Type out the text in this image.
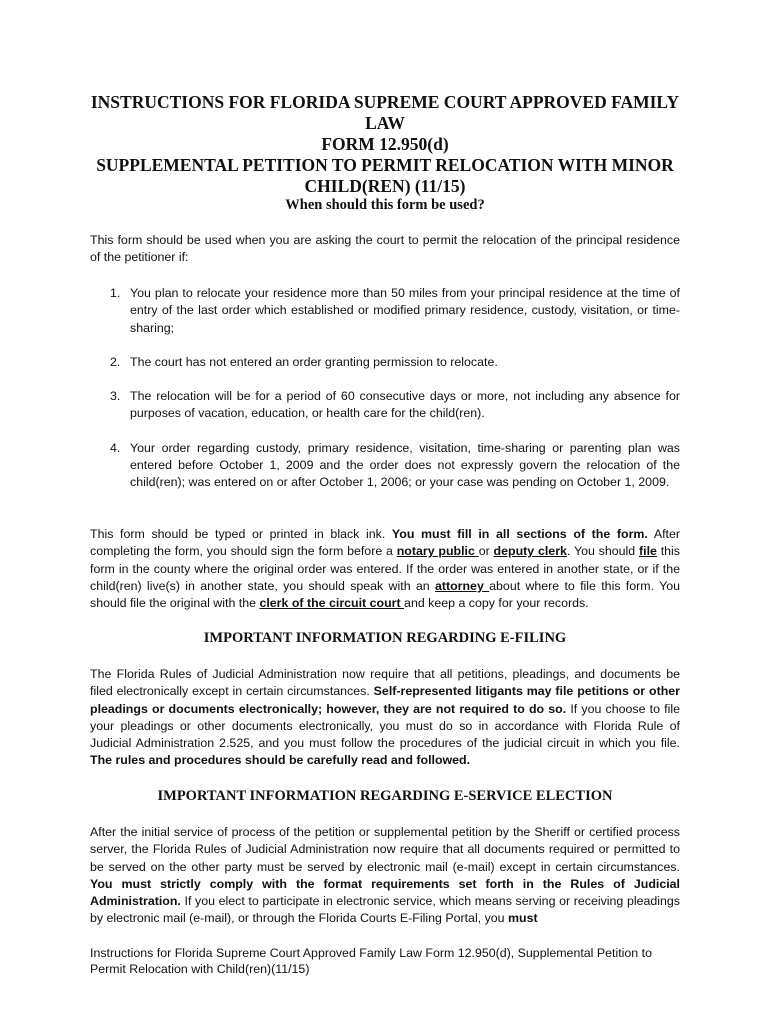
INSTRUCTIONS FOR FLORIDA SUPREME COURT APPROVED FAMILY LAW
FORM 12.950(d)
SUPPLEMENTAL PETITION TO PERMIT RELOCATION WITH MINOR
CHILD(REN) (11/15)
When should this form be used?
This form should be used when you are asking the court to permit the relocation of the principal residence of the petitioner if:
1. You plan to relocate your residence more than 50 miles from your principal residence at the time of entry of the last order which established or modified primary residence, custody, visitation, or time-sharing;
2. The court has not entered an order granting permission to relocate.
3. The relocation will be for a period of 60 consecutive days or more, not including any absence for purposes of vacation, education, or health care for the child(ren).
4. Your order regarding custody, primary residence, visitation, time-sharing or parenting plan was entered before October 1, 2009 and the order does not expressly govern the relocation of the child(ren); was entered on or after October 1, 2006; or your case was pending on October 1, 2009.
This form should be typed or printed in black ink. You must fill in all sections of the form. After completing the form, you should sign the form before a notary public or deputy clerk. You should file this form in the county where the original order was entered. If the order was entered in another state, or if the child(ren) live(s) in another state, you should speak with an attorney about where to file this form. You should file the original with the clerk of the circuit court and keep a copy for your records.
IMPORTANT INFORMATION REGARDING E-FILING
The Florida Rules of Judicial Administration now require that all petitions, pleadings, and documents be filed electronically except in certain circumstances. Self-represented litigants may file petitions or other pleadings or documents electronically; however, they are not required to do so. If you choose to file your pleadings or other documents electronically, you must do so in accordance with Florida Rule of Judicial Administration 2.525, and you must follow the procedures of the judicial circuit in which you file. The rules and procedures should be carefully read and followed.
IMPORTANT INFORMATION REGARDING E-SERVICE ELECTION
After the initial service of process of the petition or supplemental petition by the Sheriff or certified process server, the Florida Rules of Judicial Administration now require that all documents required or permitted to be served on the other party must be served by electronic mail (e-mail) except in certain circumstances. You must strictly comply with the format requirements set forth in the Rules of Judicial Administration. If you elect to participate in electronic service, which means serving or receiving pleadings by electronic mail (e-mail), or through the Florida Courts E-Filing Portal, you must
Instructions for Florida Supreme Court Approved Family Law Form 12.950(d), Supplemental Petition to
Permit Relocation with Child(ren)(11/15)
